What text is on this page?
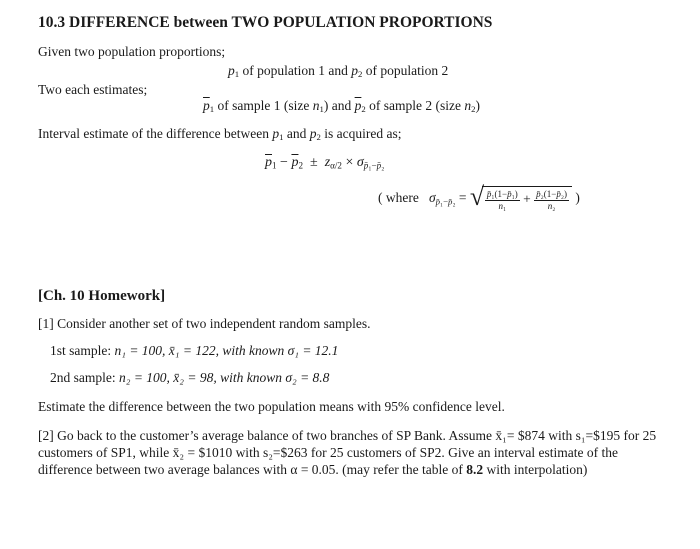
10.3 DIFFERENCE between TWO POPULATION PROPORTIONS
Given two population proportions;
$p_1$ of population 1 and $p_2$ of population 2
Two each estimates;
$\overline{p}_1$ of sample 1 (size $n_1$) and $\overline{p}_2$ of sample 2 (size $n_2$)
Interval estimate of the difference between $p_1$ and $p_2$ is acquired as;
$\overline{p}_1 - \overline{p}_2 \pm z_{\alpha/2} \times \sigma_{p̄_1-p̄_2}$
( where $\sigma_{p̄_1-p̄_2}$ = √ $\frac{\text{p̄₁(1−p̄₁)}}{\text{n₁}} + \frac{\text{p̄₂(1−p̄₂)}}{\text{n₂}}$ )
[Ch. 10 Homework]
[1] Consider another set of two independent random samples.
1st sample: n₁ = 100, x̄₁ = 122, with known σ₁ = 12.1
2nd sample: n₂ = 100, x̄₂ = 98, with known σ₂ = 8.8
Estimate the difference between the two population means with 95% confidence level.
[2] Go back to the customer’s average balance of two branches of SP Bank. Assume x̄₁= $874 with s₁=$195 for 25 customers of SP1, while x̄₂ = $1010 with s₂=$263 for 25 customers of SP2. Give an interval estimate of the difference between two average balances with α = 0.05. (may refer the table of 8.2 with interpolation)
